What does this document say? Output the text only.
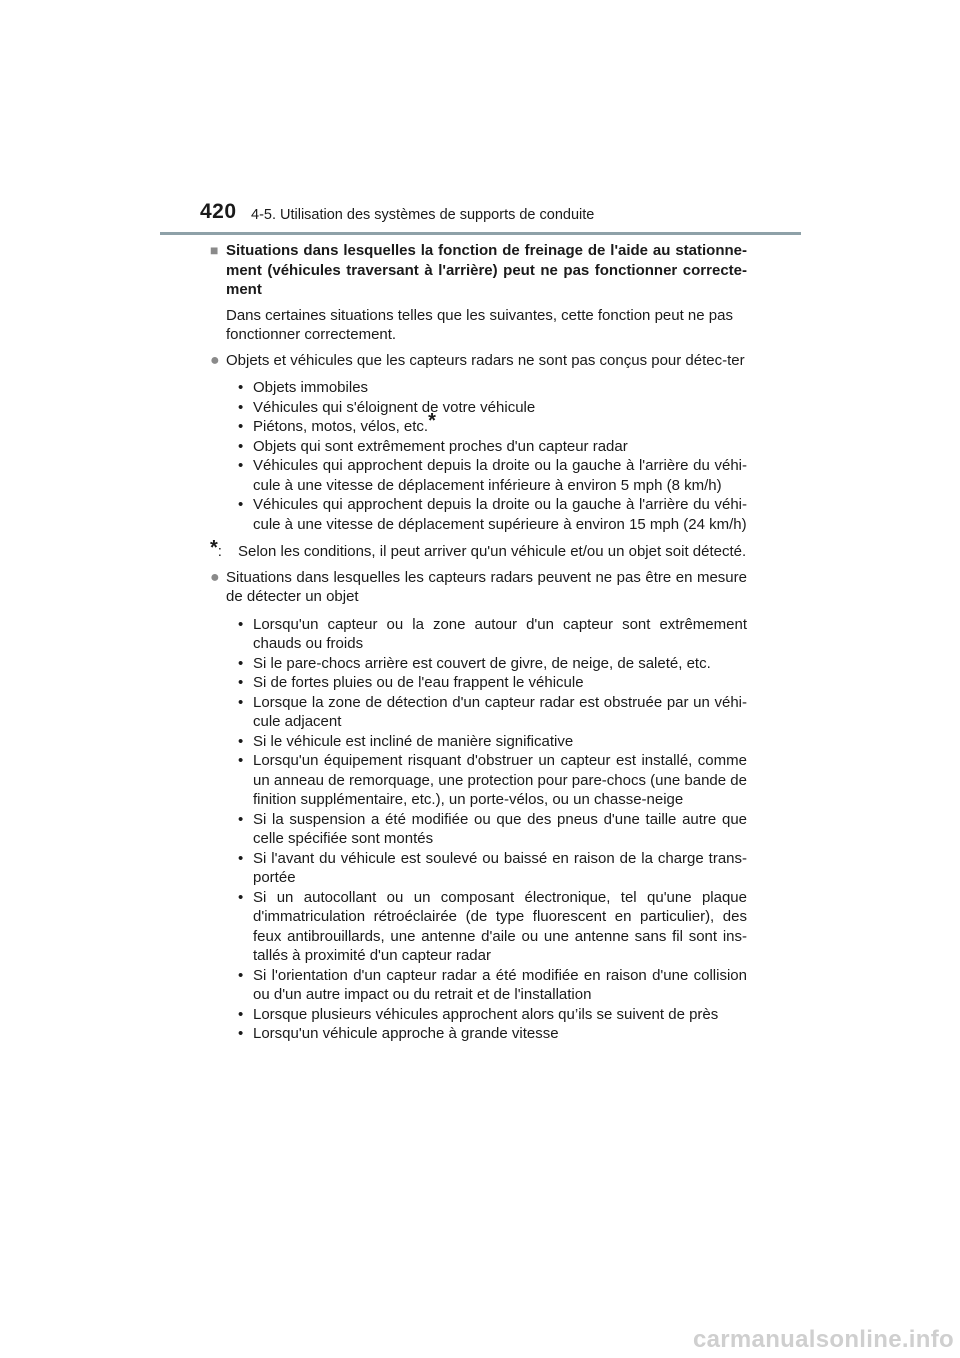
420 4-5. Utilisation des systèmes de supports de conduite
■ Situations dans lesquelles la fonction de freinage de l'aide au stationne-ment (véhicules traversant à l'arrière) peut ne pas fonctionner correcte-ment
Dans certaines situations telles que les suivantes, cette fonction peut ne pas fonctionner correctement.
● Objets et véhicules que les capteurs radars ne sont pas conçus pour détec-ter
• Objets immobiles
• Véhicules qui s'éloignent de votre véhicule
• Piétons, motos, vélos, etc.*
• Objets qui sont extrêmement proches d'un capteur radar
• Véhicules qui approchent depuis la droite ou la gauche à l'arrière du véhi-cule à une vitesse de déplacement inférieure à environ 5 mph (8 km/h)
• Véhicules qui approchent depuis la droite ou la gauche à l'arrière du véhi-cule à une vitesse de déplacement supérieure à environ 15 mph (24 km/h)
*:	Selon les conditions, il peut arriver qu'un véhicule et/ou un objet soit détecté.
● Situations dans lesquelles les capteurs radars peuvent ne pas être en mesure de détecter un objet
• Lorsqu'un capteur ou la zone autour d'un capteur sont extrêmement chauds ou froids
• Si le pare-chocs arrière est couvert de givre, de neige, de saleté, etc.
• Si de fortes pluies ou de l'eau frappent le véhicule
• Lorsque la zone de détection d'un capteur radar est obstruée par un véhi-cule adjacent
• Si le véhicule est incliné de manière significative
• Lorsqu'un équipement risquant d'obstruer un capteur est installé, comme un anneau de remorquage, une protection pour pare-chocs (une bande de finition supplémentaire, etc.), un porte-vélos, ou un chasse-neige
• Si la suspension a été modifiée ou que des pneus d'une taille autre que celle spécifiée sont montés
• Si l'avant du véhicule est soulevé ou baissé en raison de la charge trans-portée
• Si un autocollant ou un composant électronique, tel qu'une plaque d'immatriculation rétroéclairée (de type fluorescent en particulier), des feux antibrouillards, une antenne d'aile ou une antenne sans fil sont ins-tallés à proximité d'un capteur radar
• Si l'orientation d'un capteur radar a été modifiée en raison d'une collision ou d'un autre impact ou du retrait et de l'installation
• Lorsque plusieurs véhicules approchent alors qu’ils se suivent de près
• Lorsqu'un véhicule approche à grande vitesse
carmanualsonline.info
